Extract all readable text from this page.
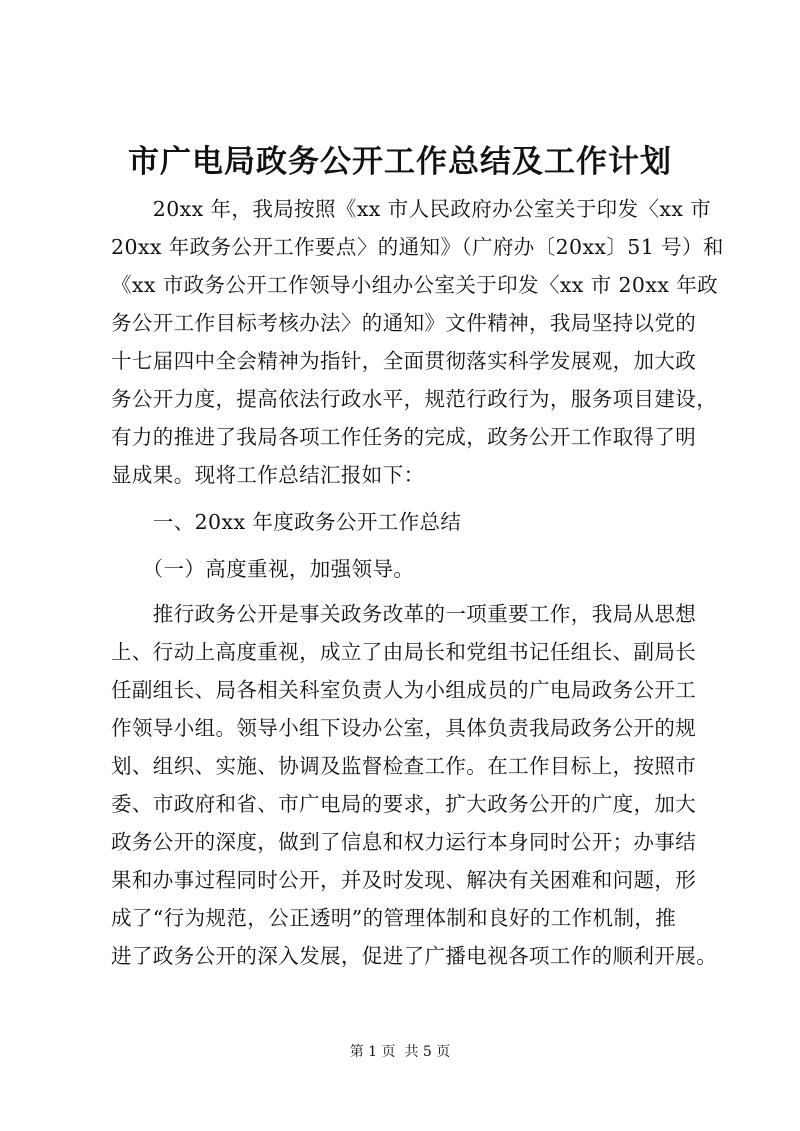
市广电局政务公开工作总结及工作计划
　　20xx 年，我局按照《xx 市人民政府办公室关于印发〈xx 市
20xx 年政务公开工作要点〉的通知》（广府办〔20xx〕51 号）和
《xx 市政务公开工作领导小组办公室关于印发〈xx 市 20xx 年政
务公开工作目标考核办法〉的通知》文件精神，我局坚持以党的
十七届四中全会精神为指针，全面贯彻落实科学发展观，加大政
务公开力度，提高依法行政水平，规范行政行为，服务项目建设，
有力的推进了我局各项工作任务的完成，政务公开工作取得了明
显成果。现将工作总结汇报如下：
　　一、20xx 年度政务公开工作总结
　　（一）高度重视，加强领导。
　　推行政务公开是事关政务改革的一项重要工作，我局从思想
上、行动上高度重视，成立了由局长和党组书记任组长、副局长
任副组长、局各相关科室负责人为小组成员的广电局政务公开工
作领导小组。领导小组下设办公室，具体负责我局政务公开的规
划、组织、实施、协调及监督检查工作。在工作目标上，按照市
委、市政府和省、市广电局的要求，扩大政务公开的广度，加大
政务公开的深度，做到了信息和权力运行本身同时公开；办事结
果和办事过程同时公开，并及时发现、解决有关困难和问题，形
成了“行为规范，公正透明”的管理体制和良好的工作机制，推
进了政务公开的深入发展，促进了广播电视各项工作的顺利开展。
第 1 页  共 5 页
